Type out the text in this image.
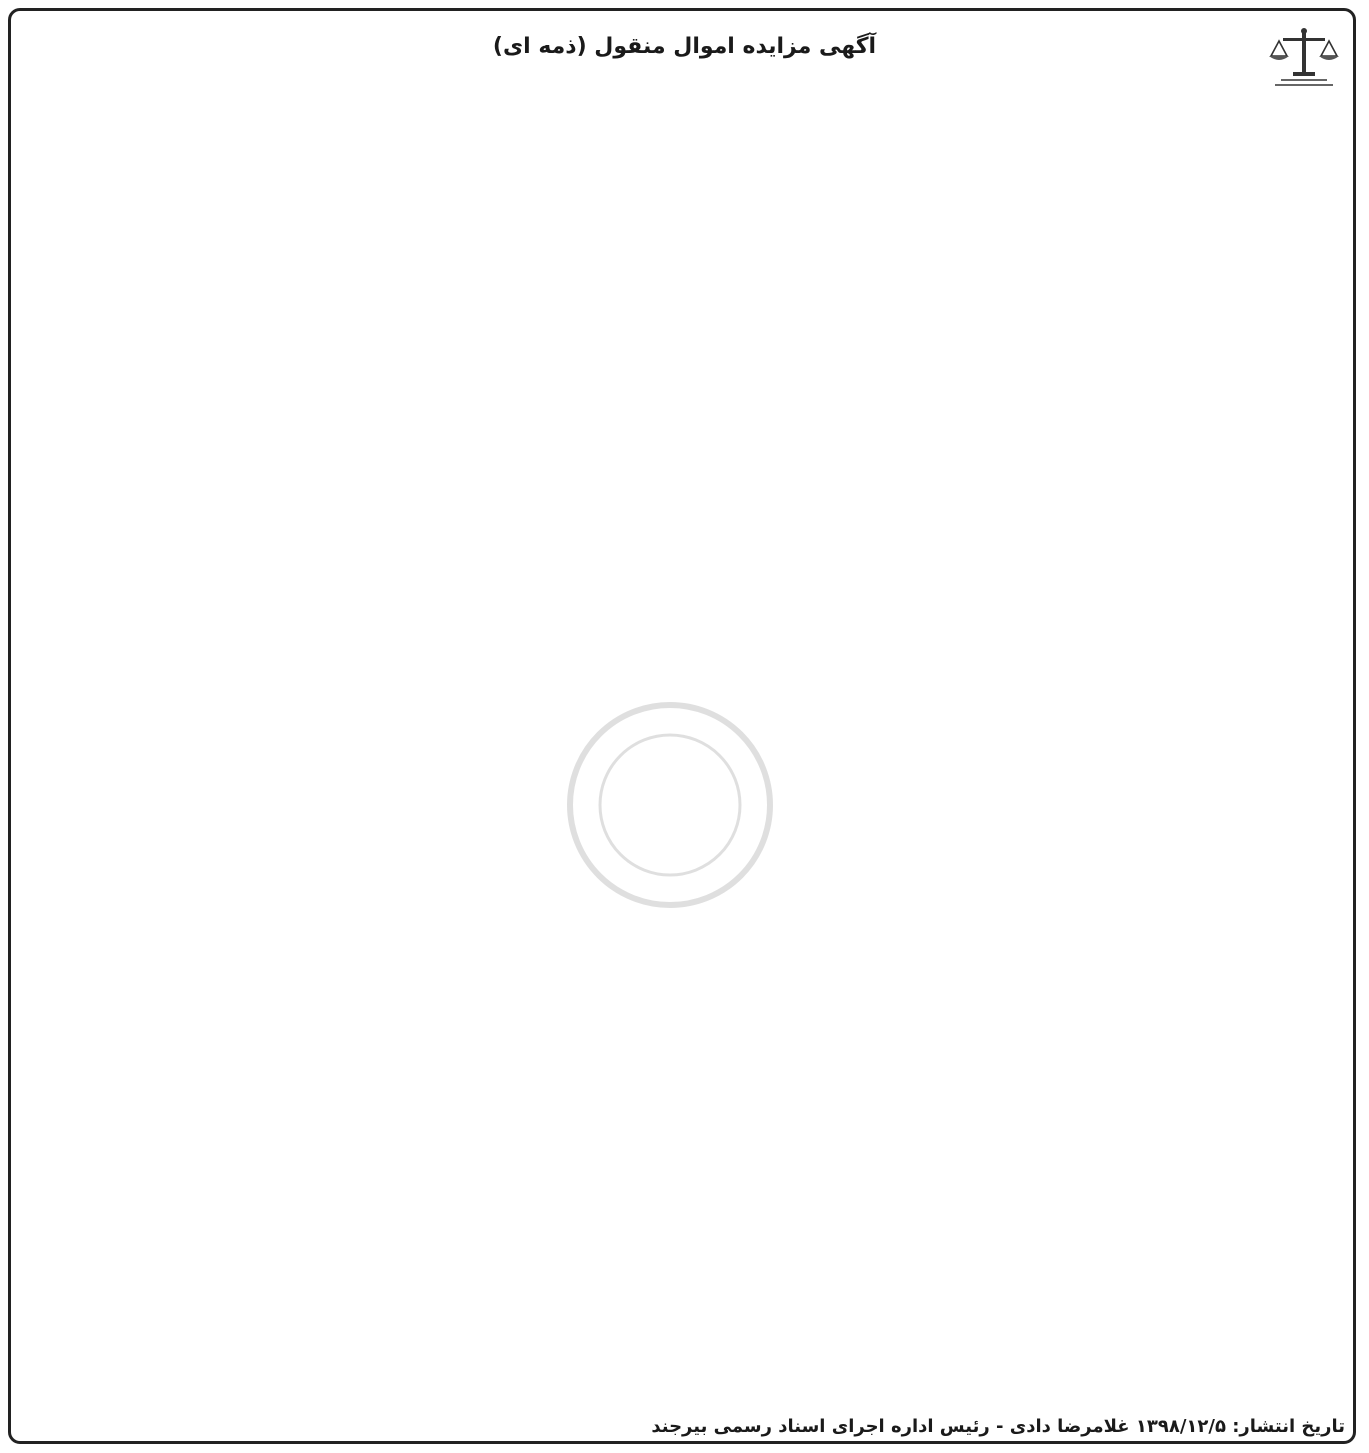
آگهی مزایده اموال منقول (ذمه ای)
تاریخ انتشار: ۱۳۹۸/۱۲/۵ غلامرضا دادی - رئیس اداره اجرای اسناد رسمی بیرجند
